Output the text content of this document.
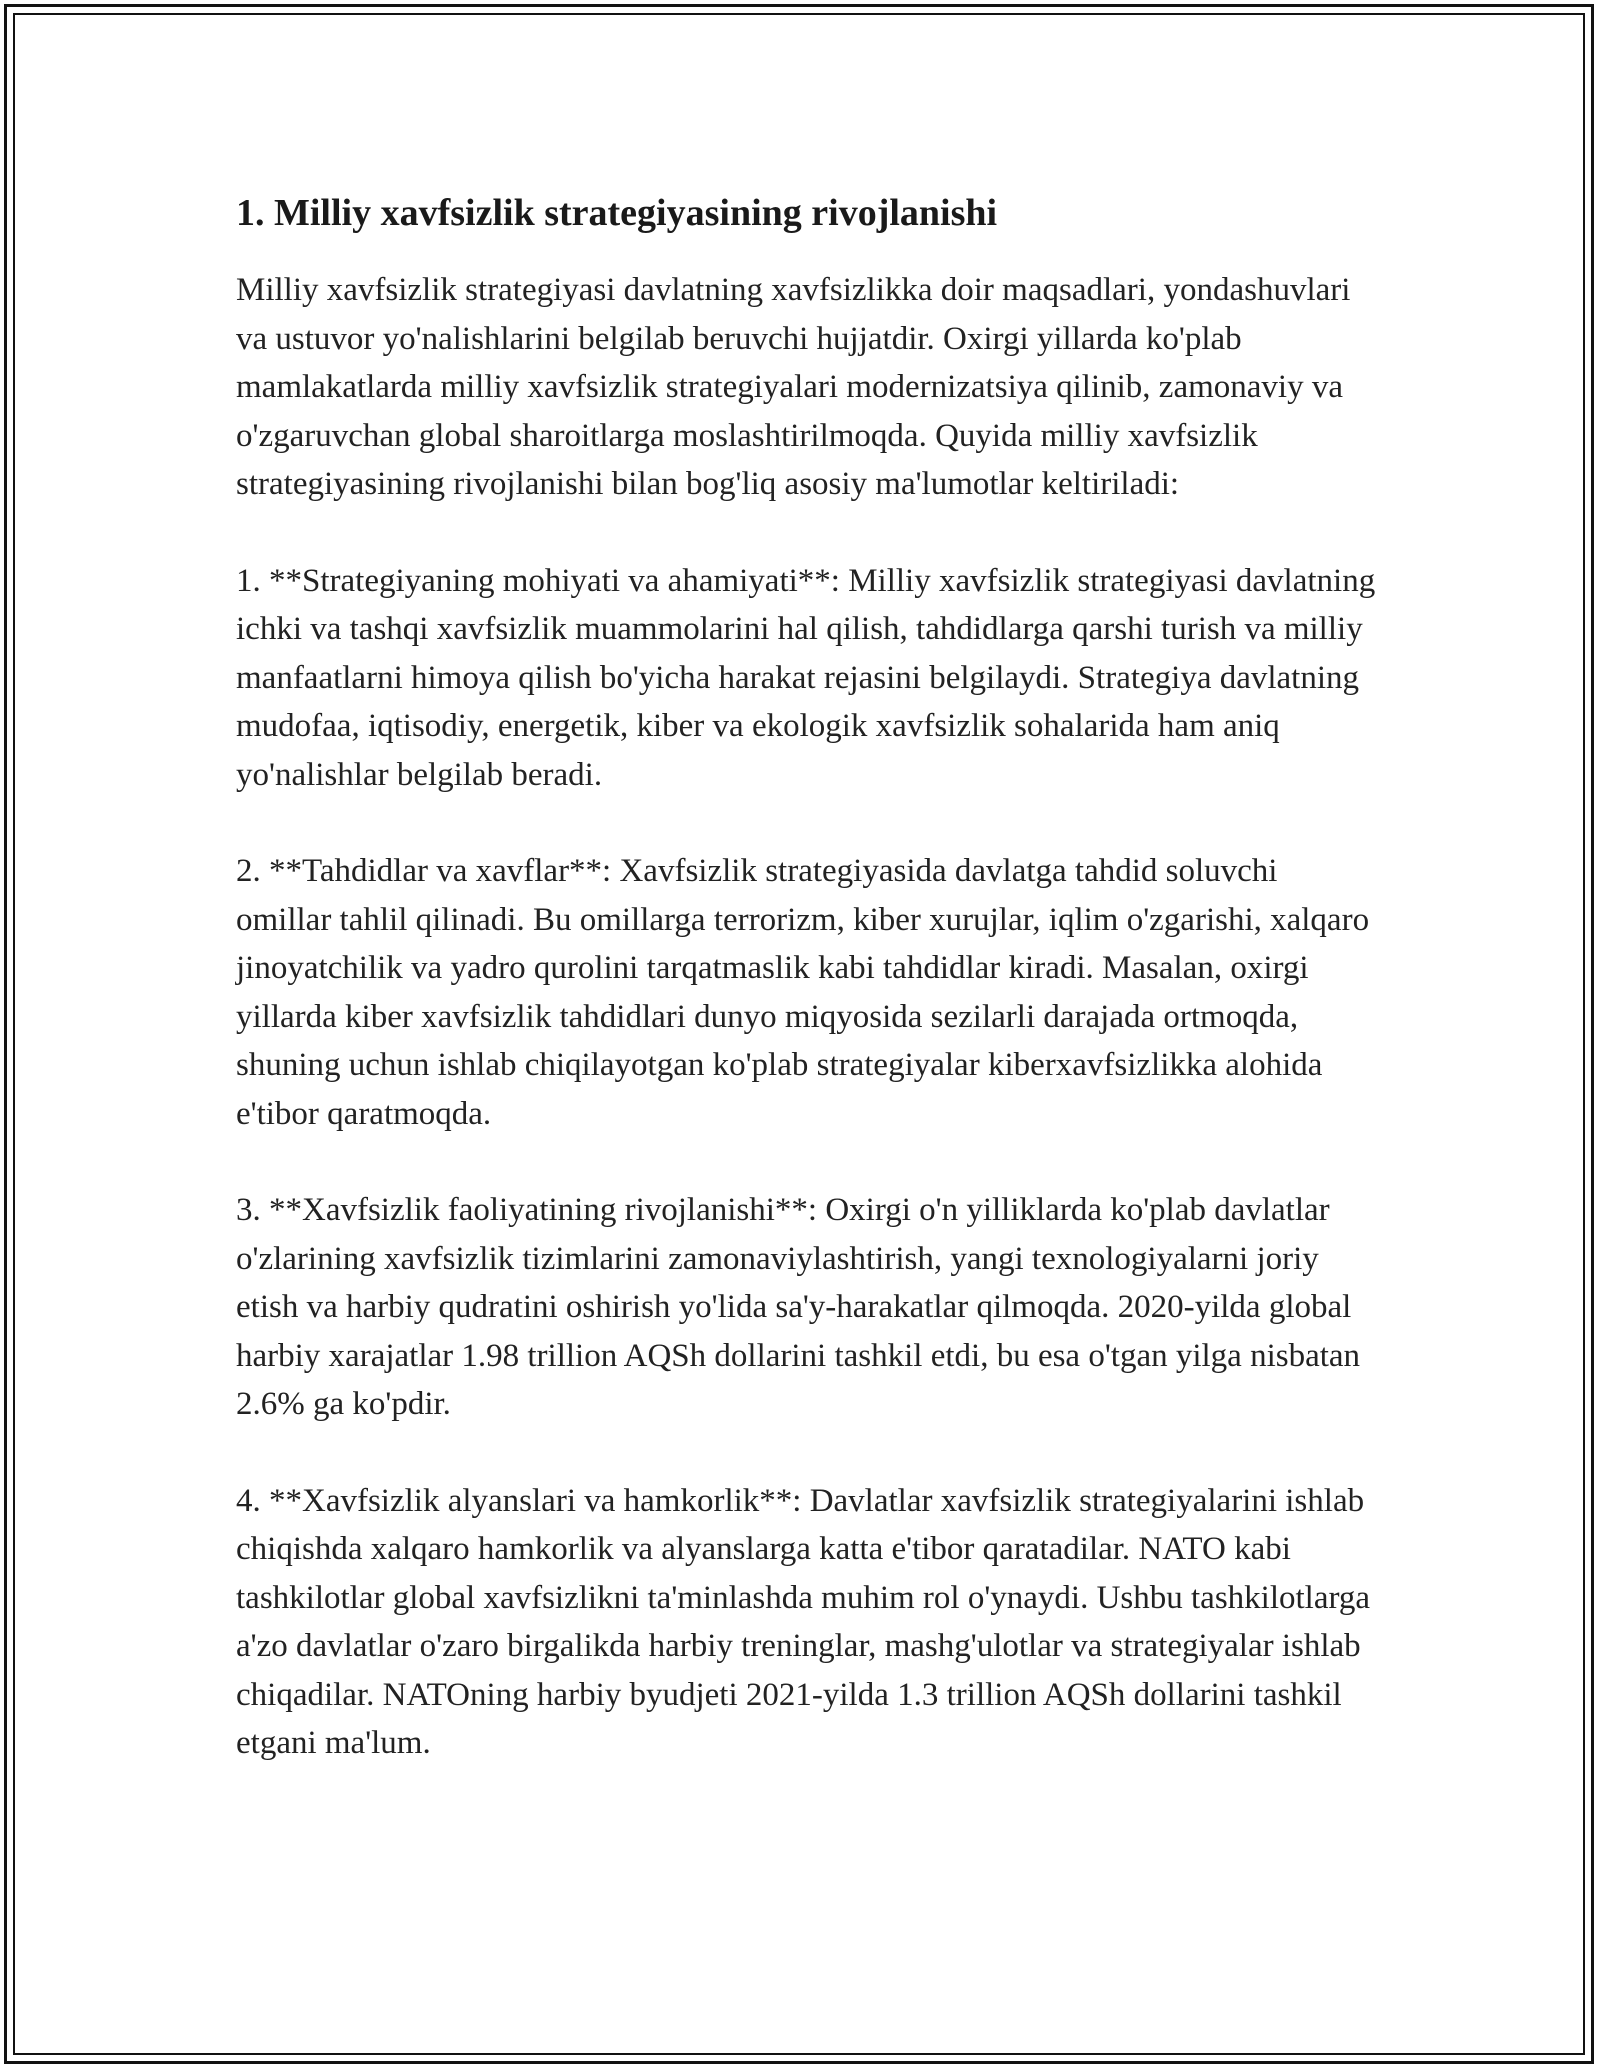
1. Milliy xavfsizlik strategiyasining rivojlanishi

Milliy xavfsizlik strategiyasi davlatning xavfsizlikka doir maqsadlari, yondashuvlari va ustuvor yo'nalishlarini belgilab beruvchi hujjatdir. Oxirgi yillarda ko'plab mamlakatlarda milliy xavfsizlik strategiyalari modernizatsiya qilinib, zamonaviy va o'zgaruvchan global sharoitlarga moslashtirilmoqda. Quyida milliy xavfsizlik strategiyasining rivojlanishi bilan bog'liq asosiy ma'lumotlar keltiriladi:

1. **Strategiyaning mohiyati va ahamiyati**: Milliy xavfsizlik strategiyasi davlatning ichki va tashqi xavfsizlik muammolarini hal qilish, tahdidlarga qarshi turish va milliy manfaatlarni himoya qilish bo'yicha harakat rejasini belgilaydi. Strategiya davlatning mudofaa, iqtisodiy, energetik, kiber va ekologik xavfsizlik sohalarida ham aniq yo'nalishlar belgilab beradi.

2. **Tahdidlar va xavflar**: Xavfsizlik strategiyasida davlatga tahdid soluvchi omillar tahlil qilinadi. Bu omillarga terrorizm, kiber xurujlar, iqlim o'zgarishi, xalqaro jinoyatchilik va yadro qurolini tarqatmaslik kabi tahdidlar kiradi. Masalan, oxirgi yillarda kiber xavfsizlik tahdidlari dunyo miqyosida sezilarli darajada ortmoqda, shuning uchun ishlab chiqilayotgan ko'plab strategiyalar kiberxavfsizlikka alohida e'tibor qaratmoqda.

3. **Xavfsizlik faoliyatining rivojlanishi**: Oxirgi o'n yilliklarda ko'plab davlatlar o'zlarining xavfsizlik tizimlarini zamonaviylashtirish, yangi texnologiyalarni joriy etish va harbiy qudratini oshirish yo'lida sa'y-harakatlar qilmoqda. 2020-yilda global harbiy xarajatlar 1.98 trillion AQSh dollarini tashkil etdi, bu esa o'tgan yilga nisbatan 2.6% ga ko'pdir.

4. **Xavfsizlik alyanslari va hamkorlik**: Davlatlar xavfsizlik strategiyalarini ishlab chiqishda xalqaro hamkorlik va alyanslarga katta e'tibor qaratadilar. NATO kabi tashkilotlar global xavfsizlikni ta'minlashda muhim rol o'ynaydi. Ushbu tashkilotlarga a'zo davlatlar o'zaro birgalikda harbiy treninglar, mashg'ulotlar va strategiyalar ishlab chiqadilar. NATOning harbiy byudjeti 2021-yilda 1.3 trillion AQSh dollarini tashkil etgani ma'lum.
